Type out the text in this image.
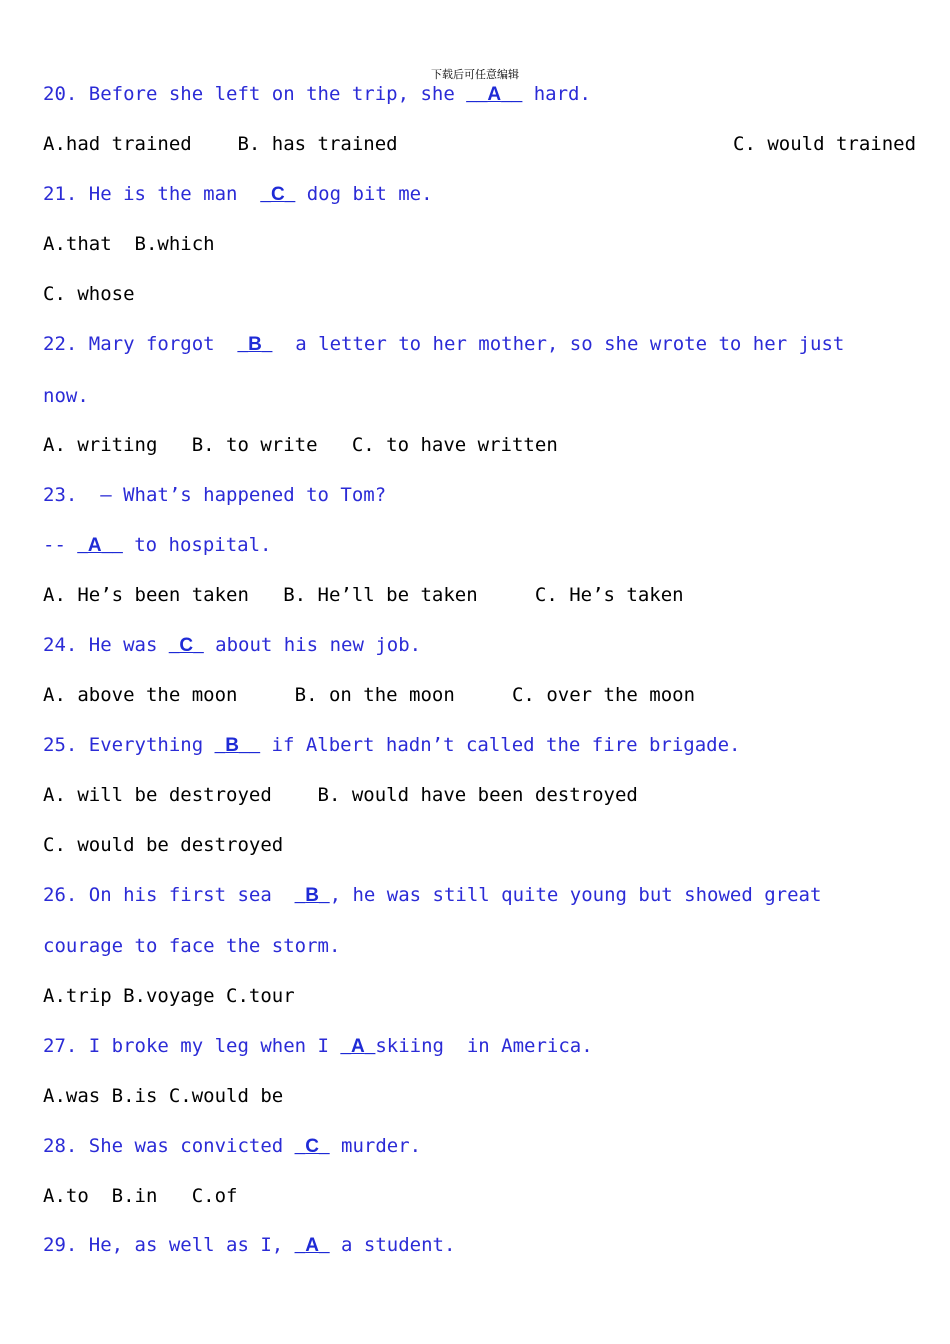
下载后可任意编辑
20. Before she left on the trip, she __A__ hard.
A.had trained    B. has trained	C. would trained
21. He is the man  _C_ dog bit me.
A.that  B.which
C. whose
22. Mary forgot  _B_  a letter to her mother, so she wrote to her just
now.
A. writing   B. to write   C. to have written
23.  – What’s happened to Tom?
-- _A__ to hospital.
A. He’s been taken   B. He’ll be taken     C. He’s taken
24. He was _C_ about his new job.
A. above the moon     B. on the moon     C. over the moon
25. Everything _B__ if Albert hadn’t called the fire brigade.
A. will be destroyed    B. would have been destroyed
C. would be destroyed
26. On his first sea  _B_, he was still quite young but showed great
courage to face the storm.
A.trip B.voyage C.tour
27. I broke my leg when I _A_skiing  in America.
A.was B.is C.would be
28. She was convicted _C_ murder.
A.to  B.in   C.of
29. He, as well as I, _A_ a student.
